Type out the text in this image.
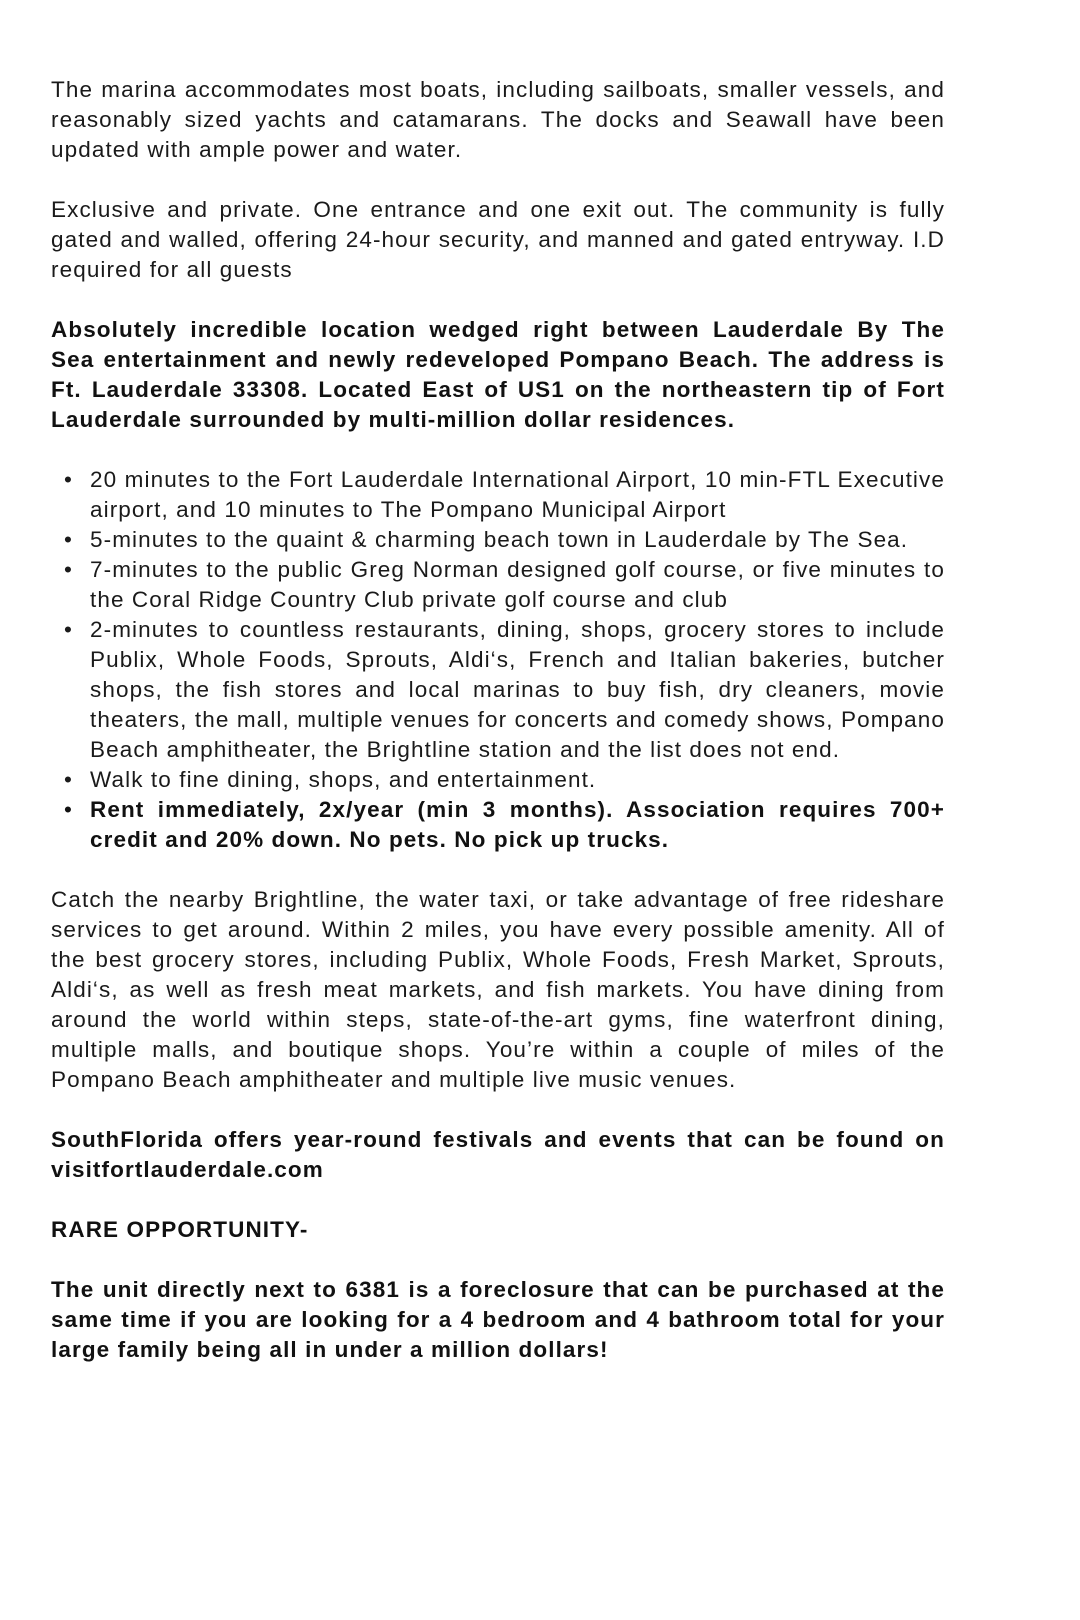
The marina accommodates most boats, including sailboats, smaller vessels, and reasonably sized yachts and catamarans. The docks and Seawall have been updated with ample power and water.

Exclusive and private. One entrance and one exit out. The community is fully gated and walled, offering 24-hour security, and manned and gated entryway. I.D required for all guests

Absolutely incredible location wedged right between Lauderdale By The Sea entertainment and newly redeveloped Pompano Beach. The address is Ft. Lauderdale 33308. Located East of US1 on the northeastern tip of Fort Lauderdale surrounded by multi-million dollar residences.

• 20 minutes to the Fort Lauderdale International Airport, 10 min-FTL Executive airport, and 10 minutes to The Pompano Municipal Airport
• 5-minutes to the quaint & charming beach town in Lauderdale by The Sea.
• 7-minutes to the public Greg Norman designed golf course, or five minutes to the Coral Ridge Country Club private golf course and club
• 2-minutes to countless restaurants, dining, shops, grocery stores to include Publix, Whole Foods, Sprouts, Aldi‘s, French and Italian bakeries, butcher shops, the fish stores and local marinas to buy fish, dry cleaners, movie theaters, the mall, multiple venues for concerts and comedy shows, Pompano Beach amphitheater, the Brightline station and the list does not end.
• Walk to fine dining, shops, and entertainment.
• Rent immediately, 2x/year (min 3 months). Association requires 700+ credit and 20% down. No pets. No pick up trucks.

Catch the nearby Brightline, the water taxi, or take advantage of free rideshare services to get around. Within 2 miles, you have every possible amenity. All of the best grocery stores, including Publix, Whole Foods, Fresh Market, Sprouts, Aldi‘s, as well as fresh meat markets, and fish markets. You have dining from around the world within steps, state-of-the-art gyms, fine waterfront dining, multiple malls, and boutique shops. You’re within a couple of miles of the Pompano Beach amphitheater and multiple live music venues.

SouthFlorida offers year-round festivals and events that can be found on visitfortlauderdale.com

RARE OPPORTUNITY-

The unit directly next to 6381 is a foreclosure that can be purchased at the same time if you are looking for a 4 bedroom and 4 bathroom total for your large family being all in under a million dollars!
